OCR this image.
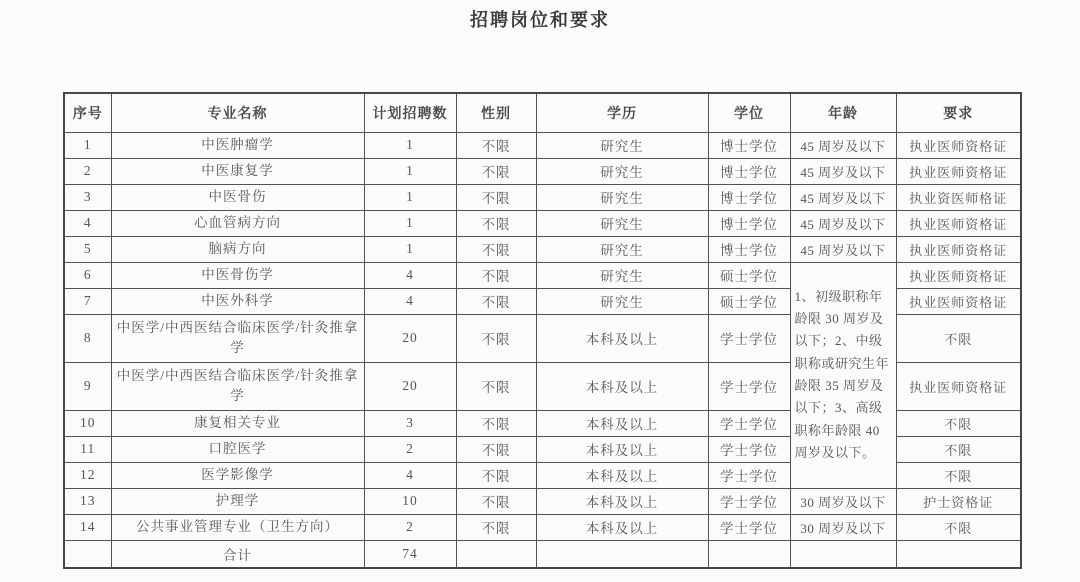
招聘岗位和要求
序号	专业名称	计划招聘数	性别	学历	学位	年龄	要求
1	中医肿瘤学	1	不限	研究生	博士学位	45 周岁及以下	执业医师资格证
2	中医康复学	1	不限	研究生	博士学位	45 周岁及以下	执业医师资格证
3	中医骨伤	1	不限	研究生	博士学位	45 周岁及以下	执业资医师格证
4	心血管病方向	1	不限	研究生	博士学位	45 周岁及以下	执业医师资格证
5	脑病方向	1	不限	研究生	博士学位	45 周岁及以下	执业医师资格证
6	中医骨伤学	4	不限	研究生	硕士学位	1、初级职称年龄限 30 周岁及以下；2、中级职称或研究生年龄限 35 周岁及以下；3、高级职称年龄限 40 周岁及以下。	执业医师资格证
7	中医外科学	4	不限	研究生	硕士学位		执业医师资格证
8	中医学/中西医结合临床医学/针灸推拿学	20	不限	本科及以上	学士学位		不限
9	中医学/中西医结合临床医学/针灸推拿学	20	不限	本科及以上	学士学位		执业医师资格证
10	康复相关专业	3	不限	本科及以上	学士学位		不限
11	口腔医学	2	不限	本科及以上	学士学位		不限
12	医学影像学	4	不限	本科及以上	学士学位		不限
13	护理学	10	不限	本科及以上	学士学位	30 周岁及以下	护士资格证
14	公共事业管理专业（卫生方向）	2	不限	本科及以上	学士学位	30 周岁及以下	不限
	合计	74					
